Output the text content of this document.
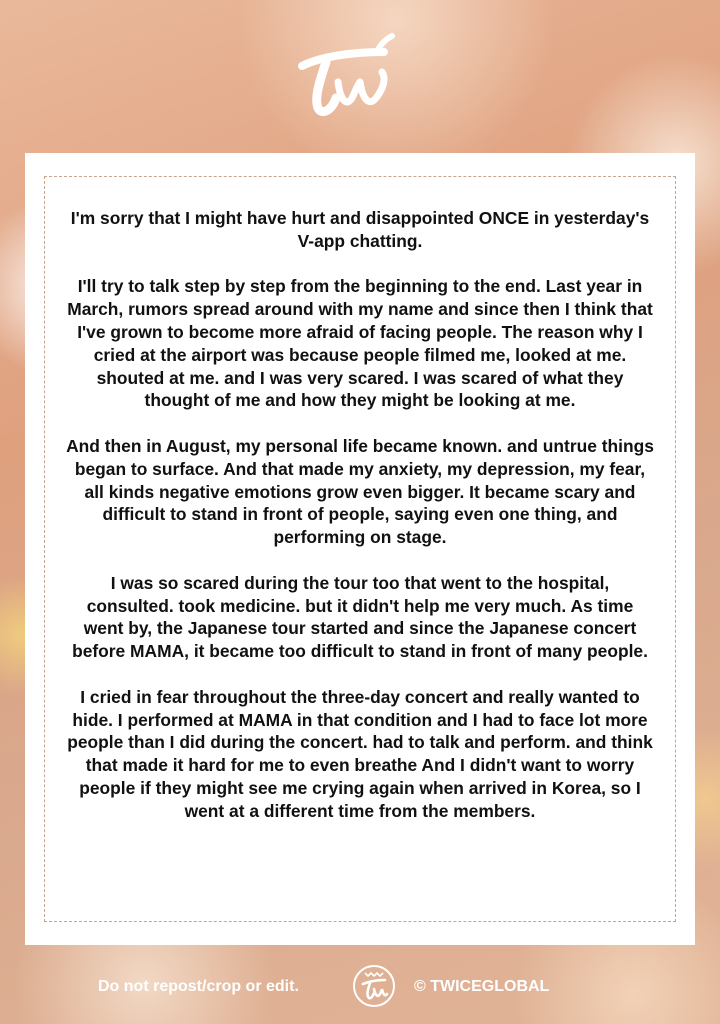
I'm sorry that I might have hurt and disappointed ONCE in yesterday's V-app chatting.

I'll try to talk step by step from the beginning to the end. Last year in March, rumors spread around with my name and since then I think that I've grown to become more afraid of facing people. The reason why I cried at the airport was because people filmed me, looked at me. shouted at me. and I was very scared. I was scared of what they thought of me and how they might be looking at me.

And then in August, my personal life became known. and untrue things began to surface. And that made my anxiety, my depression, my fear, all kinds negative emotions grow even bigger. It became scary and difficult to stand in front of people, saying even one thing, and performing on stage.

I was so scared during the tour too that went to the hospital, consulted. took medicine. but it didn't help me very much. As time went by, the Japanese tour started and since the Japanese concert before MAMA, it became too difficult to stand in front of many people.

I cried in fear throughout the three-day concert and really wanted to hide. I performed at MAMA in that condition and I had to face lot more people than I did during the concert. had to talk and perform. and think that made it hard for me to even breathe And I didn't want to worry people if they might see me crying again when arrived in Korea, so I went at a different time from the members.

Do not repost/crop or edit.	© TWICEGLOBAL
